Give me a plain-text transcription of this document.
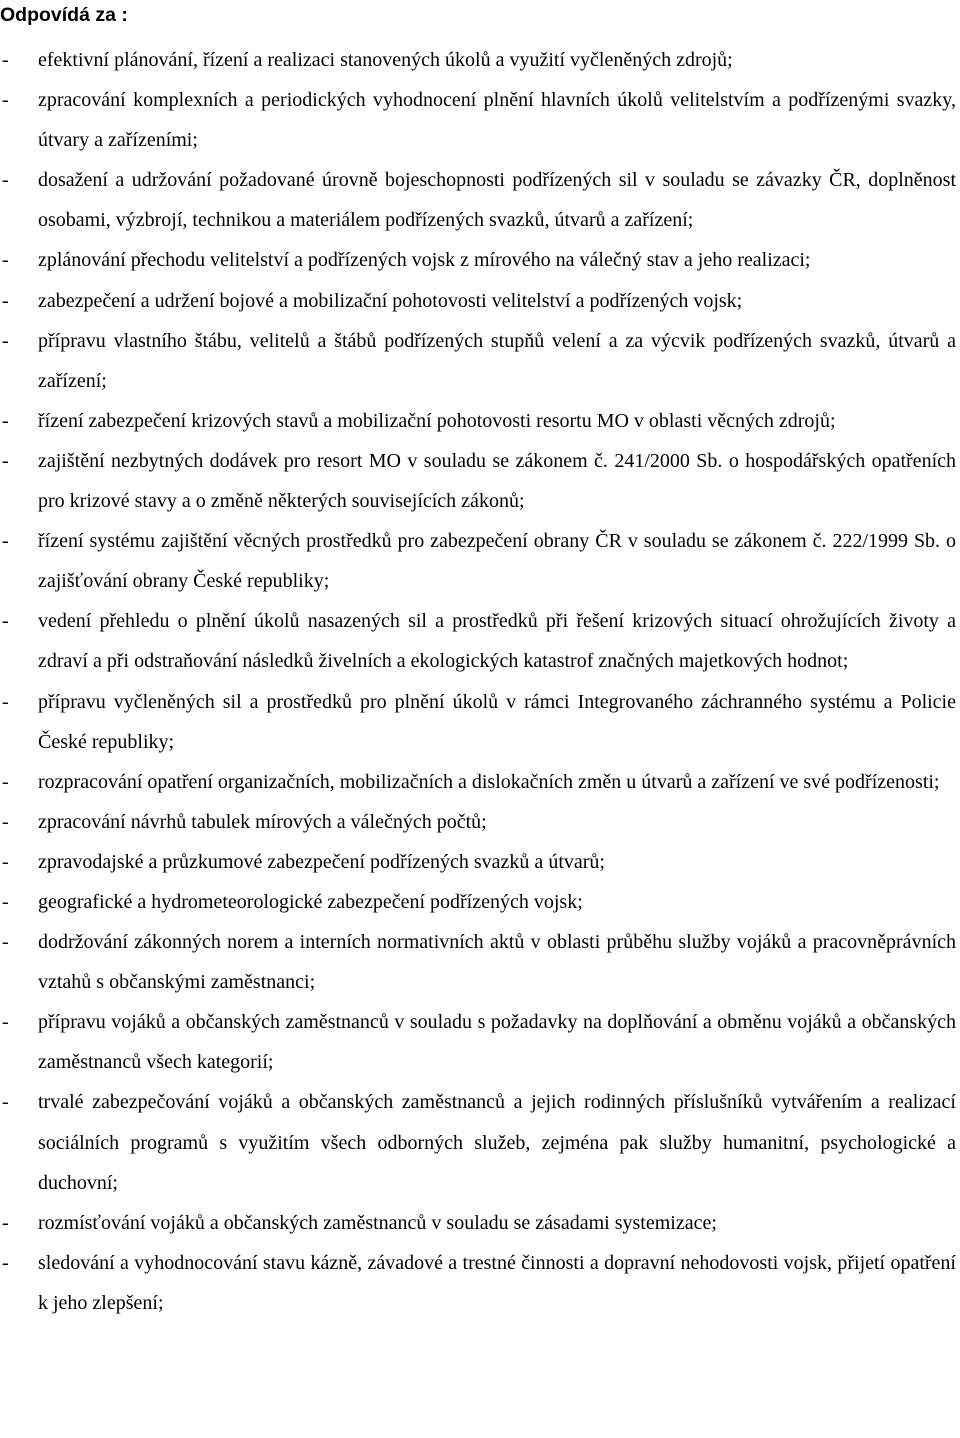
Odpovídá za :
- efektivní plánování, řízení a realizaci stanovených úkolů a využití vyčleněných zdrojů;
- zpracování komplexních a periodických vyhodnocení plnění hlavních úkolů velitelstvím a podřízenými svazky, útvary a zařízeními;
- dosažení a udržování požadované úrovně bojeschopnosti podřízených sil v souladu se závazky ČR, doplněnost osobami, výzbrojí, technikou a materiálem podřízených svazků, útvarů a zařízení;
- zplánování přechodu velitelství a podřízených vojsk z mírového na válečný stav a jeho realizaci;
- zabezpečení a udržení bojové a mobilizační pohotovosti velitelství a podřízených vojsk;
- přípravu vlastního štábu, velitelů a štábů podřízených stupňů velení a za výcvik podřízených svazků, útvarů a zařízení;
- řízení zabezpečení krizových stavů a mobilizační pohotovosti resortu MO v oblasti věcných zdrojů;
- zajištění nezbytných dodávek pro resort MO v souladu se zákonem č. 241/2000 Sb. o hospodářských opatřeních pro krizové stavy a o změně některých souvisejících zákonů;
- řízení systému zajištění věcných prostředků pro zabezpečení obrany ČR v souladu se zákonem č. 222/1999 Sb. o zajišťování obrany České republiky;
- vedení přehledu o plnění úkolů nasazených sil a prostředků při řešení krizových situací ohrožujících životy a zdraví a při odstraňování následků živelních a ekologických katastrof značných majetkových hodnot;
- přípravu vyčleněných sil a prostředků pro plnění úkolů v rámci Integrovaného záchranného systému a Policie České republiky;
- rozpracování opatření organizačních, mobilizačních a dislokačních změn u útvarů a zařízení ve své podřízenosti;
- zpracování návrhů tabulek mírových a válečných počtů;
- zpravodajské a průzkumové zabezpečení podřízených svazků a útvarů;
- geografické a hydrometeorologické zabezpečení podřízených vojsk;
- dodržování zákonných norem a interních normativních aktů v oblasti průběhu služby vojáků a pracovněprávních vztahů s občanskými zaměstnanci;
- přípravu vojáků a občanských zaměstnanců v souladu s požadavky na doplňování a obměnu vojáků a občanských zaměstnanců všech kategorií;
- trvalé zabezpečování vojáků a občanských zaměstnanců a jejich rodinných příslušníků vytvářením a realizací sociálních programů s využitím všech odborných služeb, zejména pak služby humanitní, psychologické a duchovní;
- rozmísťování vojáků a občanských zaměstnanců v souladu se zásadami systemizace;
- sledování a vyhodnocování stavu kázně, závadové a trestné činnosti a dopravní nehodovosti vojsk, přijetí opatření k jeho zlepšení;
